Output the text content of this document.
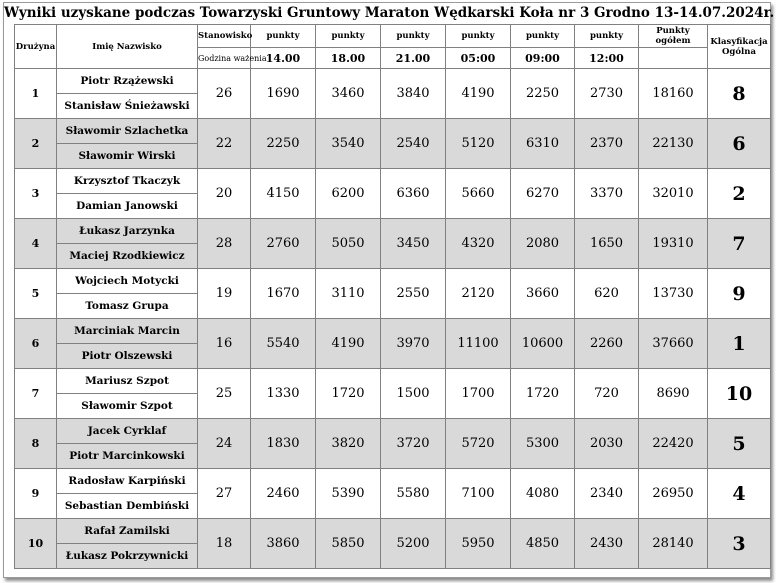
Wyniki uzyskane podczas Towarzyski Gruntowy Maraton Wędkarski Koła nr 3 Grodno 13-14.07.2024r.
Drużyna	Imię Nazwisko	Stanowisko	punkty	punkty	punkty	punkty	punkty	punkty	Punkty ogółem	Klasyfikacja Ogólna
		Godzina ważenia	14.00	18.00	21.00	05:00	09:00	12:00		
1	Piotr Rzążewski	26	1690	3460	3840	4190	2250	2730	18160	8
	Stanisław Śnieżawski									
2	Sławomir Szlachetka	22	2250	3540	2540	5120	6310	2370	22130	6
	Sławomir Wirski									
3	Krzysztof Tkaczyk	20	4150	6200	6360	5660	6270	3370	32010	2
	Damian Janowski									
4	Łukasz Jarzynka	28	2760	5050	3450	4320	2080	1650	19310	7
	Maciej Rzodkiewicz									
5	Wojciech Motycki	19	1670	3110	2550	2120	3660	620	13730	9
	Tomasz Grupa									
6	Marciniak Marcin	16	5540	4190	3970	11100	10600	2260	37660	1
	Piotr Olszewski									
7	Mariusz Szpot	25	1330	1720	1500	1700	1720	720	8690	10
	Sławomir Szpot									
8	Jacek Cyrklaf	24	1830	3820	3720	5720	5300	2030	22420	5
	Piotr Marcinkowski									
9	Radosław Karpiński	27	2460	5390	5580	7100	4080	2340	26950	4
	Sebastian Dembiński									
10	Rafał Zamilski	18	3860	5850	5200	5950	4850	2430	28140	3
	Łukasz Pokrzywnicki									
